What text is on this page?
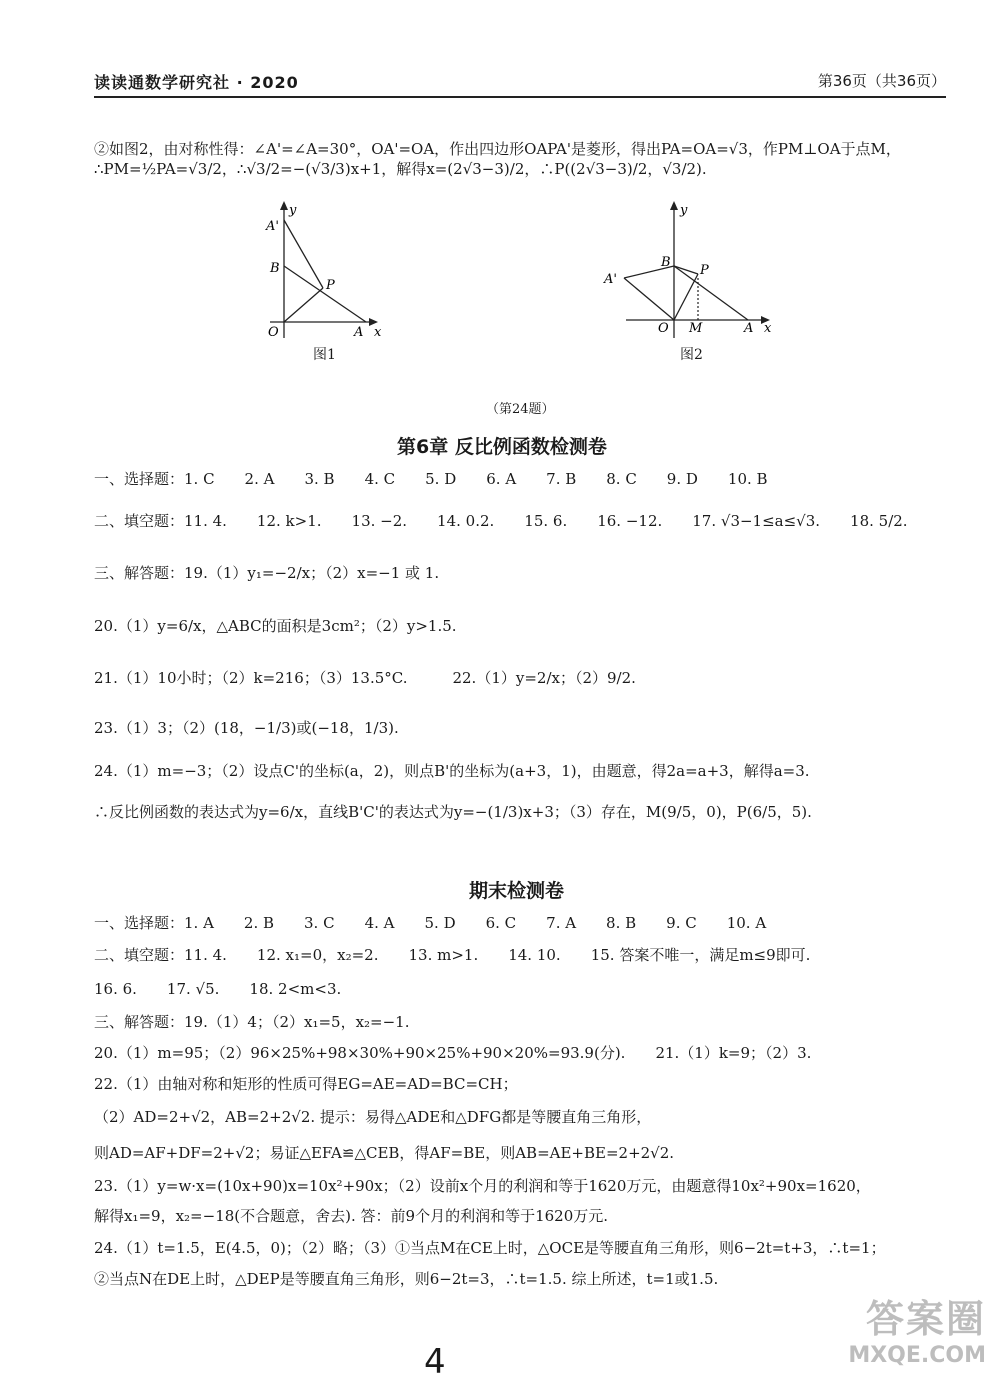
读读通数学研究社 · 2020	第36页（共36页）
②如图2，由对称性得：∠A'=∠A=30°，OA'=OA，作出四边形OAPA'是菱形，得出PA=OA=√3，作PM⊥OA于点M，
∴PM=½PA=√3/2，∴√3/2=−(√3/3)x+1，解得x=(2√3−3)/2，∴P((2√3−3)/2，√3/2).
y
A'
B
P
O	A x
图1
y
A'
B
P
O M	A x
图2
（第24题）
第6章 反比例函数检测卷
一、选择题：1. C　　2. A　　3. B　　4. C　　5. D　　6. A　　7. B　　8. C　　9. D　　10. B
二、填空题：11. 4.　　12. k>1.　　13. −2.　　14. 0.2.　　15. 6.　　16. −12.　　17. √3−1≤a≤√3.　　18. 5/2.
三、解答题：19.（1）y₁=−2/x；（2）x=−1 或 1.
20.（1）y=6/x，△ABC的面积是3cm²；（2）y>1.5.
21.（1）10小时；（2）k=216；（3）13.5°C.　　　22.（1）y=2/x；（2）9/2.
23.（1）3；（2）(18，−1/3)或(−18，1/3).
24.（1）m=−3；（2）设点C'的坐标(a，2)，则点B'的坐标为(a+3，1)，由题意，得2a=a+3，解得a=3.
∴反比例函数的表达式为y=6/x，直线B'C'的表达式为y=−(1/3)x+3；（3）存在，M(9/5，0)，P(6/5，5).
期末检测卷
一、选择题：1. A　　2. B　　3. C　　4. A　　5. D　　6. C　　7. A　　8. B　　9. C　　10. A
二、填空题：11. 4.　　12. x₁=0，x₂=2.　　13. m>1.　　14. 10.　　15. 答案不唯一，满足m≤9即可.
16. 6.　　17. √5.　　18. 2<m<3.
三、解答题：19.（1）4；（2）x₁=5，x₂=−1.
20.（1）m=95；（2）96×25%+98×30%+90×25%+90×20%=93.9(分).　　21.（1）k=9；（2）3.
22.（1）由轴对称和矩形的性质可得EG=AE=AD=BC=CH；
（2）AD=2+√2，AB=2+2√2. 提示：易得△ADE和△DFG都是等腰直角三角形，
则AD=AF+DF=2+√2；易证△EFA≌△CEB，得AF=BE，则AB=AE+BE=2+2√2.
23.（1）y=w·x=(10x+90)x=10x²+90x；（2）设前x个月的利润和等于1620万元，由题意得10x²+90x=1620，
解得x₁=9，x₂=−18(不合题意，舍去). 答：前9个月的利润和等于1620万元.
24.（1）t=1.5，E(4.5，0)；（2）略；（3）①当点M在CE上时，△OCE是等腰直角三角形，则6−2t=t+3，∴t=1；
②当点N在DE上时，△DEP是等腰直角三角形，则6−2t=3，∴t=1.5. 综上所述，t=1或1.5.
4
答案圈
MXQE.COM
